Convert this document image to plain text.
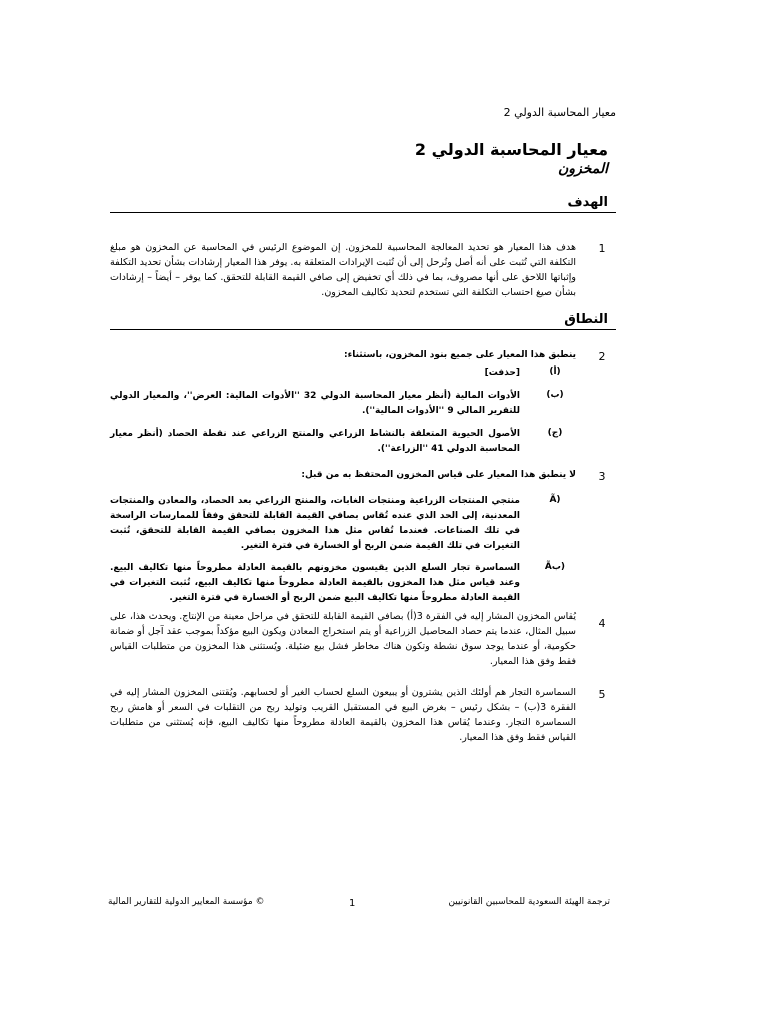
معيار المحاسبة الدولي 2
معيار المحاسبة الدولي 2
المخزون
الهدف
1
هدف هذا المعيار هو تحديد المعالجة المحاسبية للمخزون. إن الموضوع الرئيس في المحاسبة عن المخزون هو مبلغ التكلفة التي تُثبت على أنه أصل وتُرحل إلى أن تُثبت الإيرادات المتعلقة به. يوفر هذا المعيار إرشادات بشأن تحديد التكلفة وإثباتها اللاحق على أنها مصروف، بما في ذلك أي تخفيض إلى صافي القيمة القابلة للتحقق. كما يوفر – أيضاً – إرشادات بشأن صيغ احتساب التكلفة التي تستخدم لتحديد تكاليف المخزون.
النطاق
2
ينطبق هذا المعيار على جميع بنود المخزون، باستثناء:
(أ)
[حذفت]
(ب)
الأدوات المالية (أنظر معيار المحاسبة الدولي 32 ''الأدوات المالية: العرض''، والمعيار الدولي للتقرير المالي 9 ''الأدوات المالية'').
(ج)
الأصول الحيوية المتعلقة بالنشاط الزراعي والمنتج الزراعي عند نقطة الحصاد (أنظر معيار المحاسبة الدولي 41 ''الزراعة'').
3
لا ينطبق هذا المعيار على قياس المخزون المحتفظ به من قبل:
(Ã
منتجي المنتجات الزراعية ومنتجات الغابات، والمنتج الزراعي بعد الحصاد، والمعادن والمنتجات المعدنية، إلى الحد الذي عنده تُقاس بصافي القيمة القابلة للتحقق وفقاً للممارسات الراسخة في تلك الصناعات. فعندما تُقاس مثل هذا المخزون بصافي القيمة القابلة للتحقق، تُثبت التغيرات في تلك القيمة ضمن الربح أو الخسارة في فترة التغير.
(بÃ
السماسرة تجار السلع الذين يقيسون مخزونهم بالقيمة العادلة مطروحاً منها تكاليف البيع. وعند قياس مثل هذا المخزون بالقيمة العادلة مطروحاً منها تكاليف البيع، تُثبت التغيرات في القيمة العادلة مطروحاً منها تكاليف البيع ضمن الربح أو الخسارة في فترة التغير.
4
يُقاس المخزون المشار إليه في الفقرة 3(أ) بصافي القيمة القابلة للتحقق في مراحل معينة من الإنتاج. ويحدث هذا، على سبيل المثال، عندما يتم حصاد المحاصيل الزراعية أو يتم استخراج المعادن ويكون البيع مؤكداً بموجب عقد آجل أو ضمانة حكومية، أو عندما يوجد سوق نشطة وتكون هناك مخاطر فشل بيع ضئيلة. ويُستثنى هذا المخزون من متطلبات القياس فقط وفق هذا المعيار.
5
السماسرة التجار هم أولئك الذين يشترون أو يبيعون السلع لحساب الغير أو لحسابهم. ويُقتنى المخزون المشار إليه في الفقرة 3(ب) – بشكل رئيس – بغرض البيع في المستقبل القريب وتوليد ربح من التقلبات في السعر أو هامش ربح السماسرة التجار. وعندما يُقاس هذا المخزون بالقيمة العادلة مطروحاً منها تكاليف البيع، فإنه يُستثنى من متطلبات القياس فقط وفق هذا المعيار.
© مؤسسة المعايير الدولية للتقارير المالية	1	ترجمة الهيئة السعودية للمحاسبين القانونيين
